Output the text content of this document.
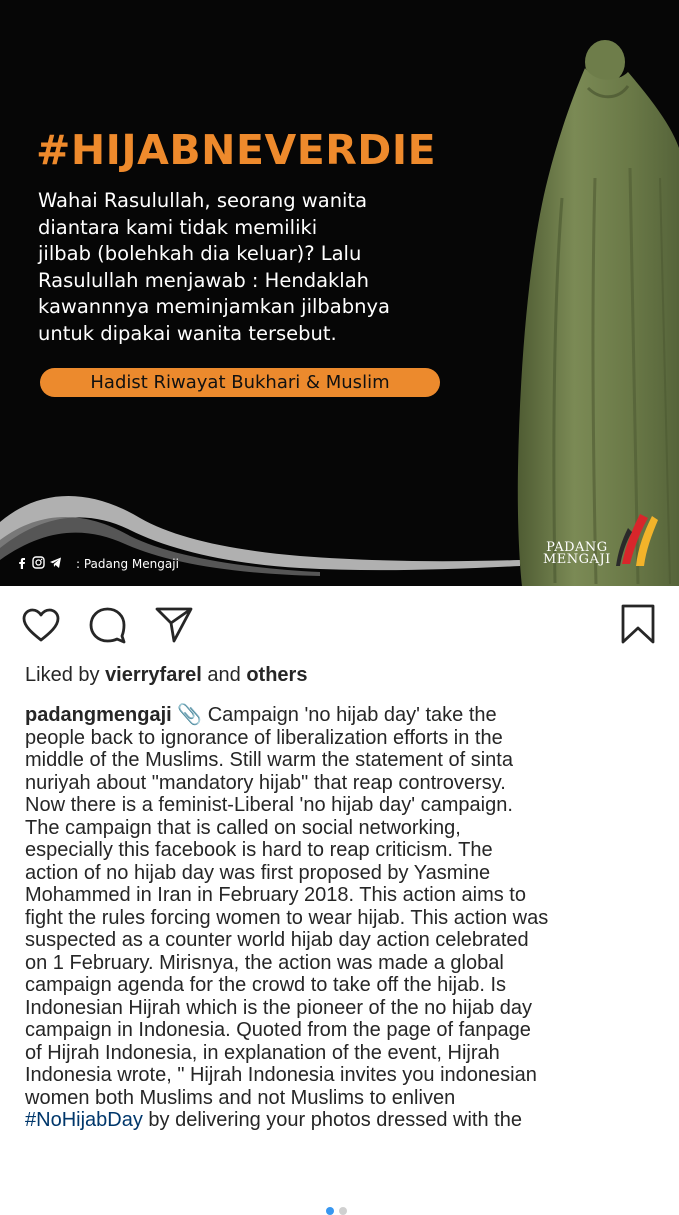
#HIJABNEVERDIE
Wahai Rasulullah, seorang wanita
diantara kami tidak memiliki
jilbab (bolehkah dia keluar)? Lalu
Rasulullah menjawab : Hendaklah
kawannnya meminjamkan jilbabnya
untuk dipakai wanita tersebut.
Hadist Riwayat Bukhari & Muslim
PADANG
MENGAJI
: Padang Mengaji
Liked by vierryfarel and others
padangmengaji 📎 Campaign 'no hijab day' take the
people back to ignorance of liberalization efforts in the
middle of the Muslims. Still warm the statement of sinta
nuriyah about "mandatory hijab" that reap controversy.
Now there is a feminist-Liberal 'no hijab day' campaign.
The campaign that is called on social networking,
especially this facebook is hard to reap criticism. The
action of no hijab day was first proposed by Yasmine
Mohammed in Iran in February 2018. This action aims to
fight the rules forcing women to wear hijab. This action was
suspected as a counter world hijab day action celebrated
on 1 February. Mirisnya, the action was made a global
campaign agenda for the crowd to take off the hijab. Is
Indonesian Hijrah which is the pioneer of the no hijab day
campaign in Indonesia. Quoted from the page of fanpage
of Hijrah Indonesia, in explanation of the event, Hijrah
Indonesia wrote, " Hijrah Indonesia invites you indonesian
women both Muslims and not Muslims to enliven
#NoHijabDay by delivering your photos dressed with the
